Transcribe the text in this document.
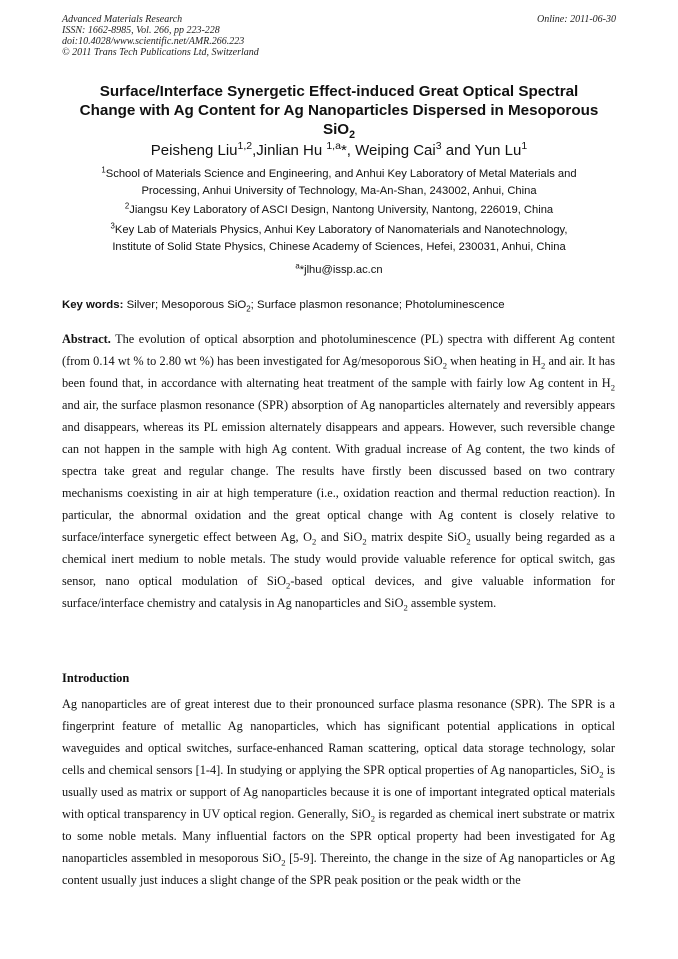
Advanced Materials Research
ISSN: 1662-8985, Vol. 266, pp 223-228
doi:10.4028/www.scientific.net/AMR.266.223
© 2011 Trans Tech Publications Ltd, Switzerland
Online: 2011-06-30
Surface/Interface Synergetic Effect-induced Great Optical Spectral
Change with Ag Content for Ag Nanoparticles Dispersed in Mesoporous
SiO$_2$
Peisheng Liu$^{1,2}$,Jinlian Hu $^{1,a}$*, Weiping Cai$^3$ and Yun Lu$^1$
$^1$School of Materials Science and Engineering, and Anhui Key Laboratory of Metal Materials and
Processing, Anhui University of Technology, Ma-An-Shan, 243002, Anhui, China
$^2$Jiangsu Key Laboratory of ASCI Design, Nantong University, Nantong, 226019, China
$^3$Key Lab of Materials Physics, Anhui Key Laboratory of Nanomaterials and Nanotechnology,
Institute of Solid State Physics, Chinese Academy of Sciences, Hefei, 230031, Anhui, China
$^a$*jlhu@issp.ac.cn
Key words: Silver; Mesoporous SiO$_2$; Surface plasmon resonance; Photoluminescence

Abstract. The evolution of optical absorption and photoluminescence (PL) spectra with different Ag content (from 0.14 wt % to 2.80 wt %) has been investigated for Ag/mesoporous SiO$_2$ when heating in $H_2$ and air. It has been found that, in accordance with alternating heat treatment of the sample with fairly low Ag content in $H_2$ and air, the surface plasmon resonance (SPR) absorption of Ag nanoparticles alternately and reversibly appears and disappears, whereas its PL emission alternately disappears and appears. However, such reversible change can not happen in the sample with high Ag content. With gradual increase of Ag content, the two kinds of spectra take great and regular change. The results have firstly been discussed based on two contrary mechanisms coexisting in air at high temperature (i.e., oxidation reaction and thermal reduction reaction). In particular, the abnormal oxidation and the great optical change with Ag content is closely relative to surface/interface synergetic effect between Ag, $O_2$ and SiO$_2$ matrix despite SiO$_2$ usually being regarded as a chemical inert medium to noble metals. The study would provide valuable reference for optical switch, gas sensor, nano optical modulation of SiO$_2$-based optical devices, and give valuable information for surface/interface chemistry and catalysis in Ag nanoparticles and SiO$_2$ assemble system.

Introduction

Ag nanoparticles are of great interest due to their pronounced surface plasma resonance (SPR). The SPR is a fingerprint feature of metallic Ag nanoparticles, which has significant potential applications in optical waveguides and optical switches, surface-enhanced Raman scattering, optical data storage technology, solar cells and chemical sensors [1-4]. In studying or applying the SPR optical properties of Ag nanoparticles, SiO$_2$ is usually used as matrix or support of Ag nanoparticles because it is one of important integrated optical materials with optical transparency in UV optical region. Generally, SiO$_2$ is regarded as chemical inert substrate or matrix to some noble metals. Many influential factors on the SPR optical property had been investigated for Ag nanoparticles assembled in mesoporous SiO$_2$ [5-9]. Thereinto, the change in the size of Ag nanoparticles or Ag content usually just induces a slight change of the SPR peak position or the peak width or the
